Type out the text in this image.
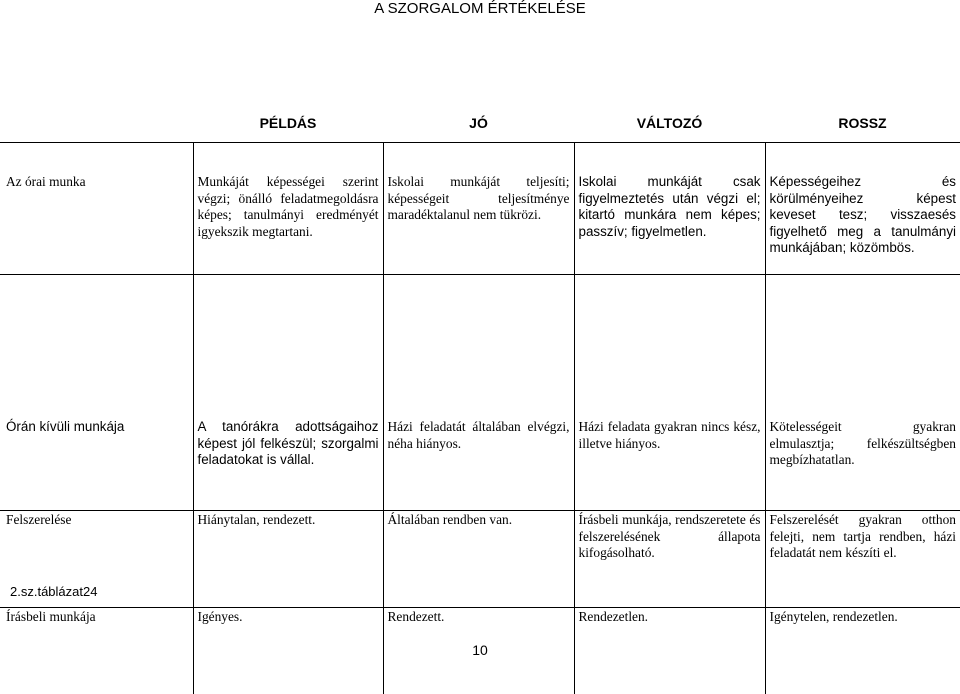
A SZORGALOM ÉRTÉKELÉSE
	PÉLDÁS	JÓ	VÁLTOZÓ	ROSSZ
Az órai munka	Munkáját képességei szerint végzi; önálló feladatmegoldásra képes; tanulmányi eredményét igyekszik megtartani.	Iskolai munkáját teljesíti; képességeit teljesítménye maradéktalanul nem tükrözi.	Iskolai munkáját csak figyelmeztetés után végzi el; kitartó munkára nem képes; passzív; figyelmetlen.	Képességeihez és körülményeihez képest keveset tesz; visszaesés figyelhető meg a tanulmányi munkájában; közömbös.
Órán kívüli munkája	A tanórákra adottságaihoz képest jól felkészül; szorgalmi feladatokat is vállal.	Házi feladatát általában elvégzi, néha hiányos.	Házi feladata gyakran nincs kész, illetve hiányos.	Kötelességeit gyakran elmulasztja; felkészültségben megbízhatatlan.
Felszerelése	Hiánytalan, rendezett.	Általában rendben van.	Írásbeli munkája, rendszeretete és felszerelésének állapota kifogásolható.	Felszerelését gyakran otthon felejti, nem tartja rendben, házi feladatát nem készíti el.
Írásbeli munkája	Igényes.	Rendezett.	Rendezetlen.	Igénytelen, rendezetlen.
2.sz.táblázat24
10
